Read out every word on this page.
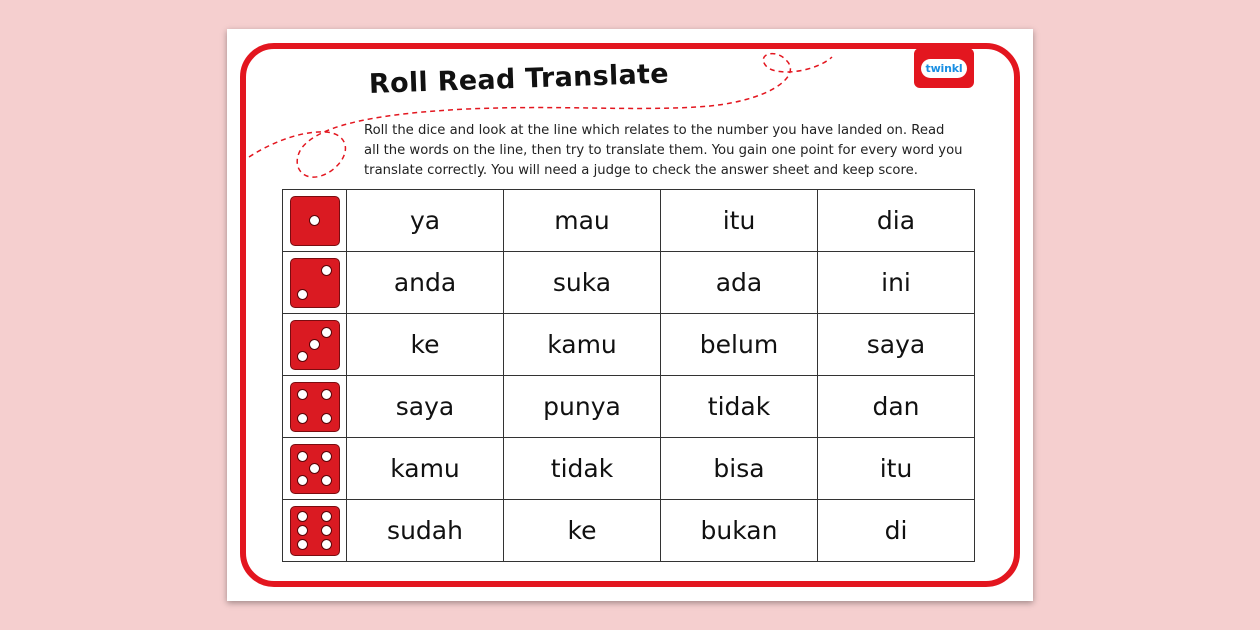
Roll Read Translate	twinkl

Roll the dice and look at the line which relates to the number you have landed on. Read all the words on the line, then try to translate them. You gain one point for every word you translate correctly. You will need a judge to check the answer sheet and keep score.

	ya	mau	itu	dia

	anda	suka	ada	ini

	ke	kamu	belum	saya

	saya	punya	tidak	dan

	kamu	tidak	bisa	itu

	sudah	ke	bukan	di
